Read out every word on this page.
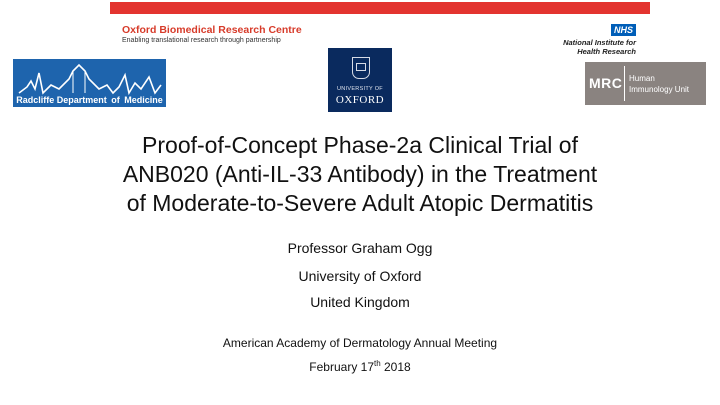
Oxford Biomedical Research Centre
Enabling translational research through partnership
NHS
National Institute for
Health Research
Radcliffe Department of Medicine
UNIVERSITY OF
OXFORD
MRC Human
Immunology Unit
Proof-of-Concept Phase-2a Clinical Trial of
ANB020 (Anti-IL-33 Antibody) in the Treatment
of Moderate-to-Severe Adult Atopic Dermatitis
Professor Graham Ogg
University of Oxford
United Kingdom
American Academy of Dermatology Annual Meeting
February 17th 2018
